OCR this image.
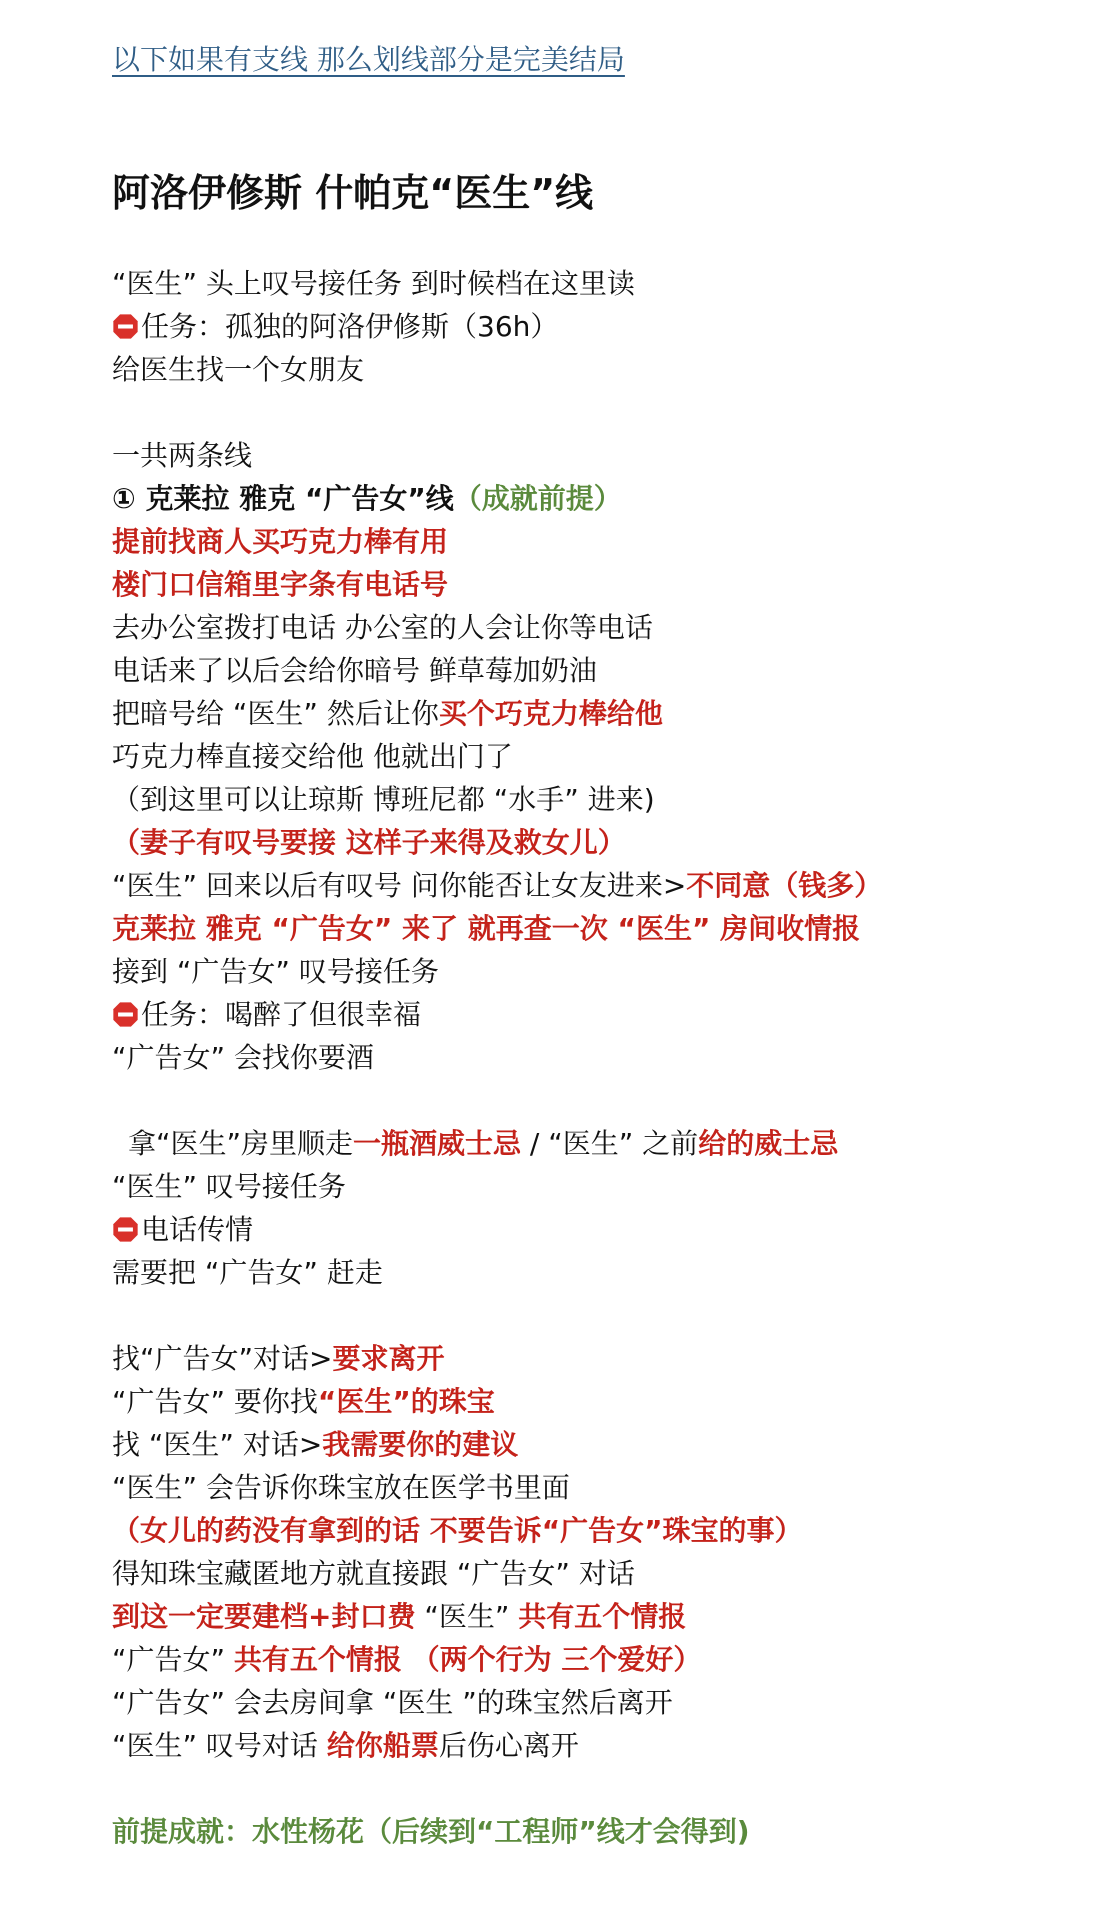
以下如果有支线 那么划线部分是完美结局
阿洛伊修斯 什帕克“医生”线
“医生” 头上叹号接任务 到时候档在这里读
任务：孤独的阿洛伊修斯（36h）
给医生找一个女朋友
一共两条线
① 克莱拉 雅克 “广告女”线（成就前提）
提前找商人买巧克力棒有用
楼门口信箱里字条有电话号
去办公室拨打电话 办公室的人会让你等电话
电话来了以后会给你暗号 鲜草莓加奶油
把暗号给 “医生” 然后让你买个巧克力棒给他
巧克力棒直接交给他 他就出门了
（到这里可以让琼斯 博班尼都 “水手” 进来)
（妻子有叹号要接 这样子来得及救女儿）
“医生” 回来以后有叹号 问你能否让女友进来>不同意（钱多）
克莱拉 雅克 “广告女” 来了 就再查一次 “医生” 房间收情报
接到 “广告女” 叹号接任务
任务：喝醉了但很幸福
“广告女” 会找你要酒
拿“医生”房里顺走一瓶酒威士忌 / “医生” 之前给的威士忌
“医生” 叹号接任务
电话传情
需要把 “广告女” 赶走
找“广告女”对话>要求离开
“广告女” 要你找“医生”的珠宝
找 “医生” 对话>我需要你的建议
“医生” 会告诉你珠宝放在医学书里面
（女儿的药没有拿到的话 不要告诉“广告女”珠宝的事）
得知珠宝藏匿地方就直接跟 “广告女” 对话
到这一定要建档+封口费 “医生” 共有五个情报
“广告女” 共有五个情报 （两个行为 三个爱好）
“广告女” 会去房间拿 “医生 ”的珠宝然后离开
“医生” 叹号对话 给你船票后伤心离开
前提成就：水性杨花（后续到“工程师”线才会得到)
